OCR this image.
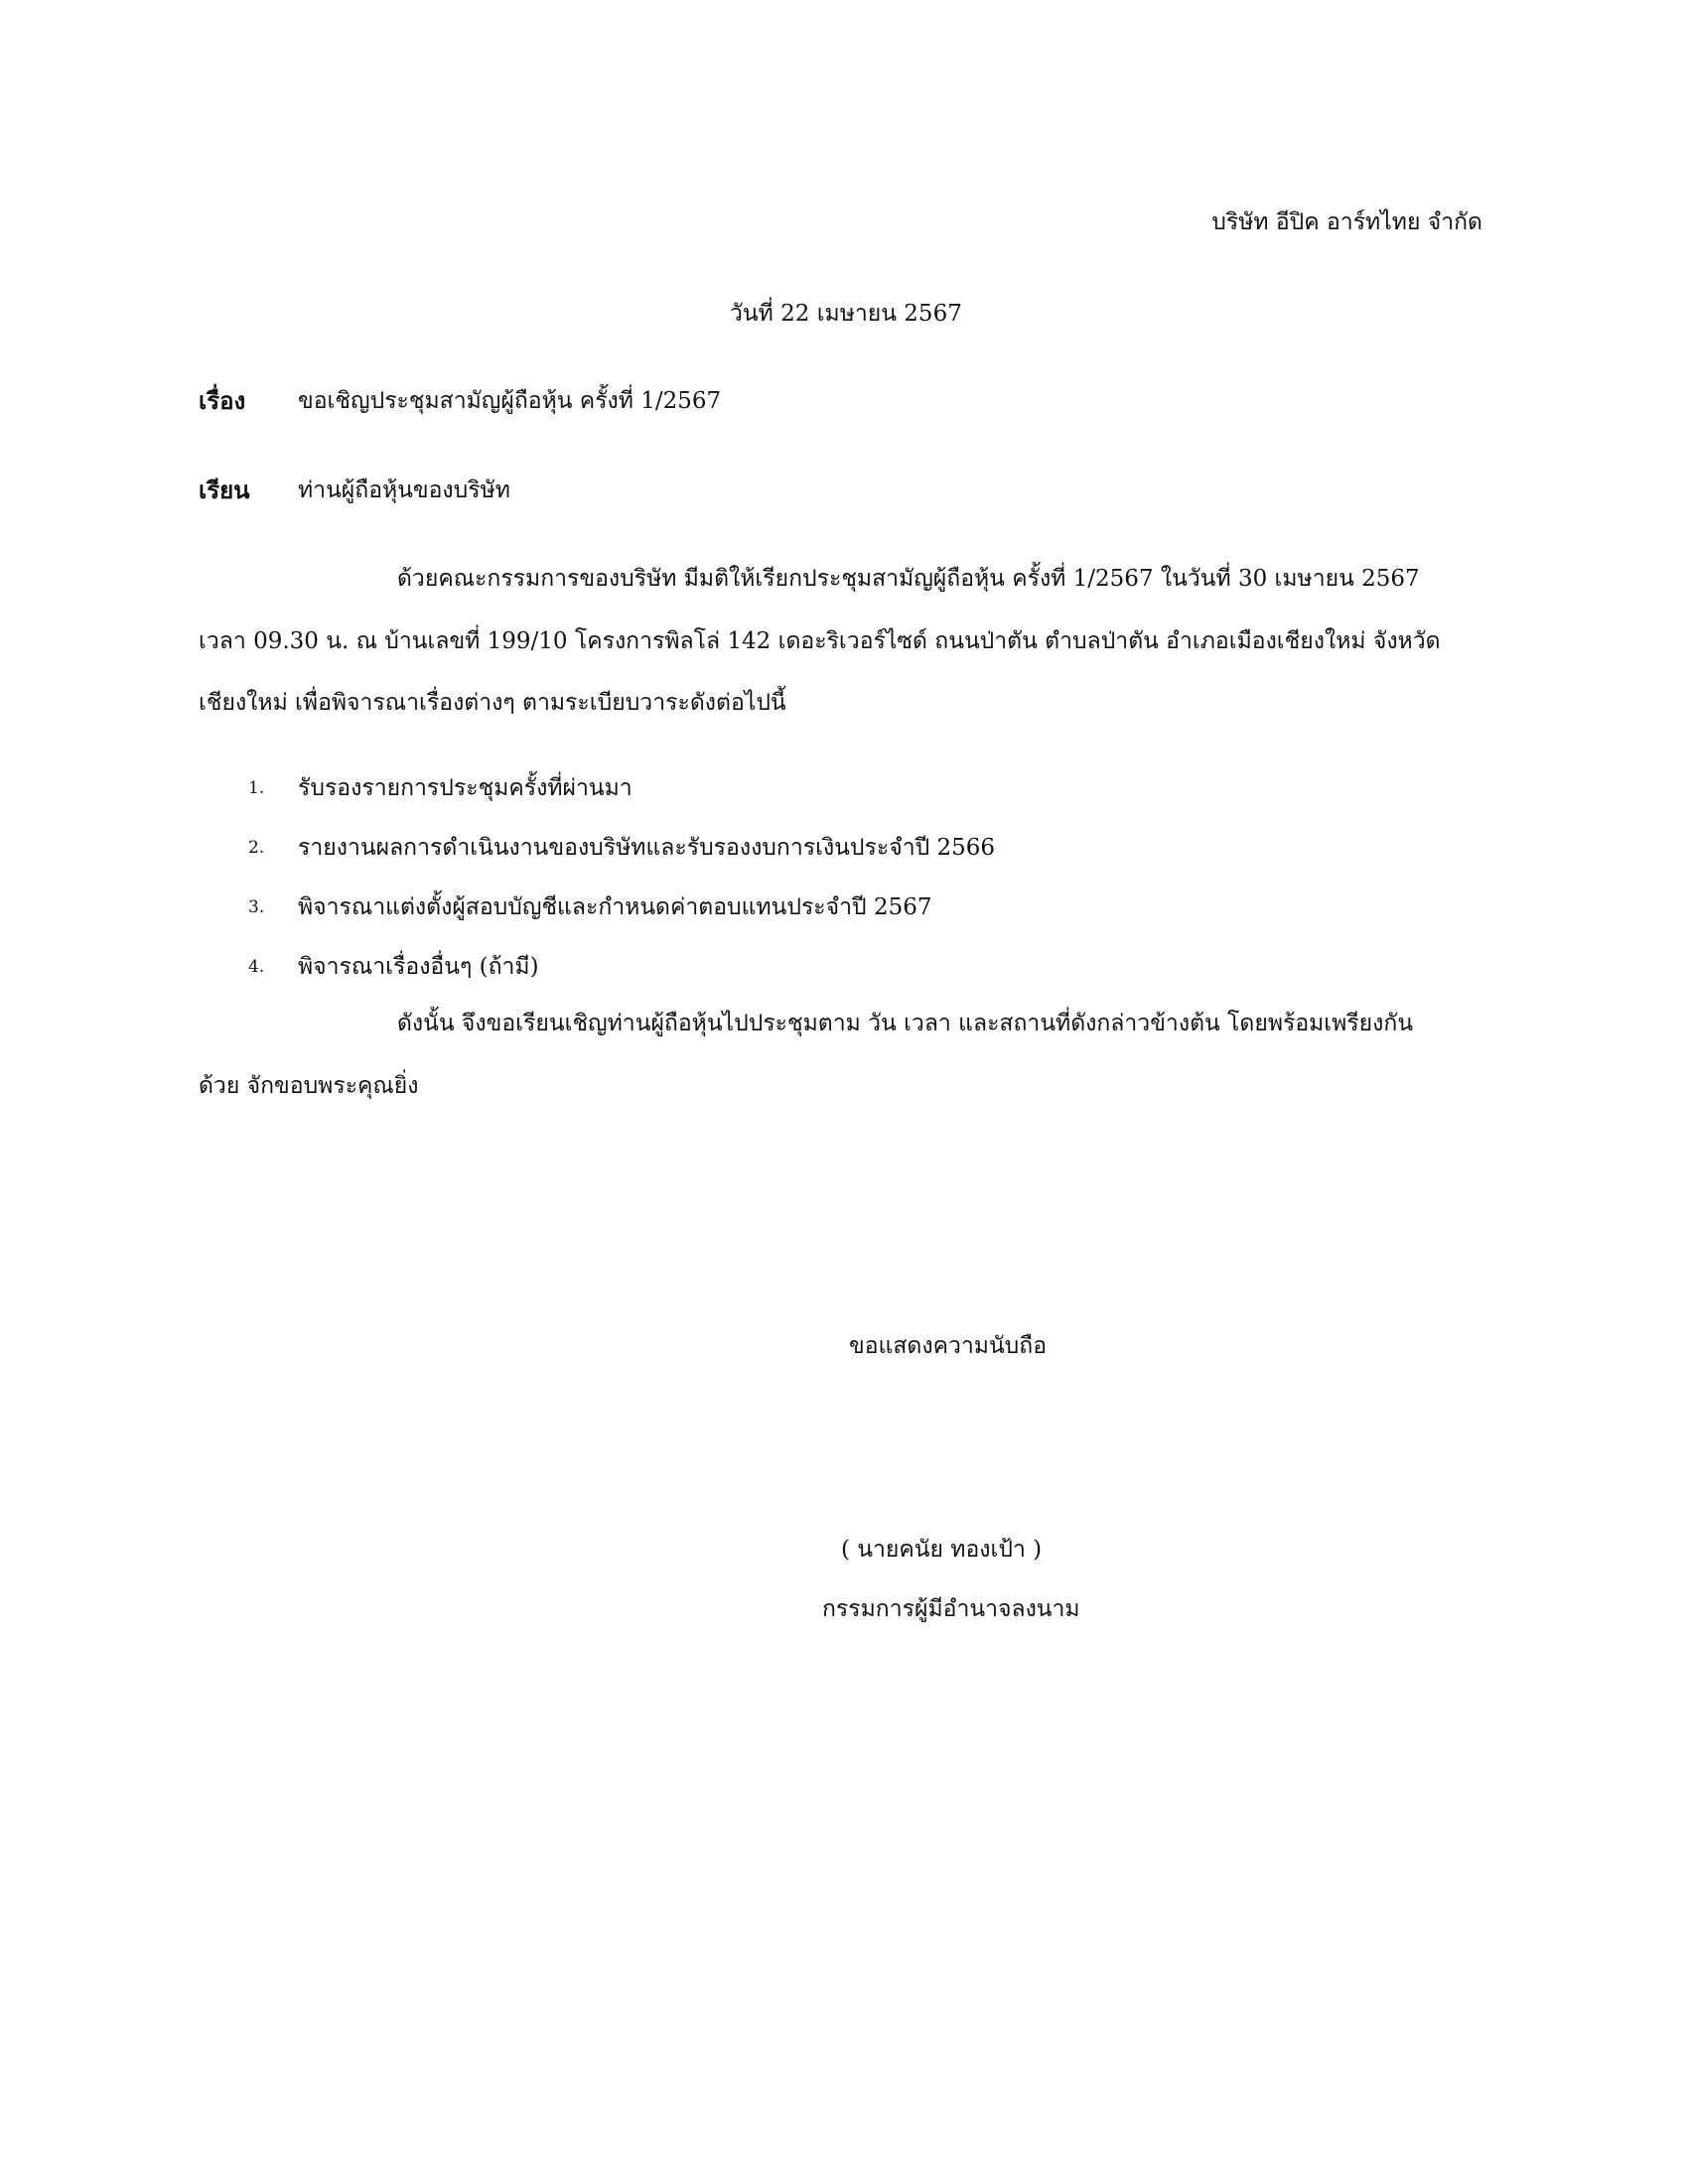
บริษัท อีปิค อาร์ทไทย จำกัด
วันที่ 22 เมษายน 2567
เรื่อง ขอเชิญประชุมสามัญผู้ถือหุ้น ครั้งที่ 1/2567
เรียน ท่านผู้ถือหุ้นของบริษัท
ด้วยคณะกรรมการของบริษัท มีมติให้เรียกประชุมสามัญผู้ถือหุ้น ครั้งที่ 1/2567 ในวันที่ 30 เมษายน 2567
เวลา 09.30 น. ณ บ้านเลขที่ 199/10 โครงการพิลโล่ 142 เดอะริเวอร์ไซด์ ถนนป่าตัน ตำบลป่าตัน อำเภอเมืองเชียงใหม่ จังหวัด
เชียงใหม่ เพื่อพิจารณาเรื่องต่างๆ ตามระเบียบวาระดังต่อไปนี้
1. รับรองรายการประชุมครั้งที่ผ่านมา
2. รายงานผลการดำเนินงานของบริษัทและรับรองงบการเงินประจำปี 2566
3. พิจารณาแต่งตั้งผู้สอบบัญชีและกำหนดค่าตอบแทนประจำปี 2567
4. พิจารณาเรื่องอื่นๆ (ถ้ามี)
ดังนั้น จึงขอเรียนเชิญท่านผู้ถือหุ้นไปประชุมตาม วัน เวลา และสถานที่ดังกล่าวข้างต้น โดยพร้อมเพรียงกัน
ด้วย จักขอบพระคุณยิ่ง
ขอแสดงความนับถือ
( นายคนัย ทองเป้า )
กรรมการผู้มีอำนาจลงนาม
